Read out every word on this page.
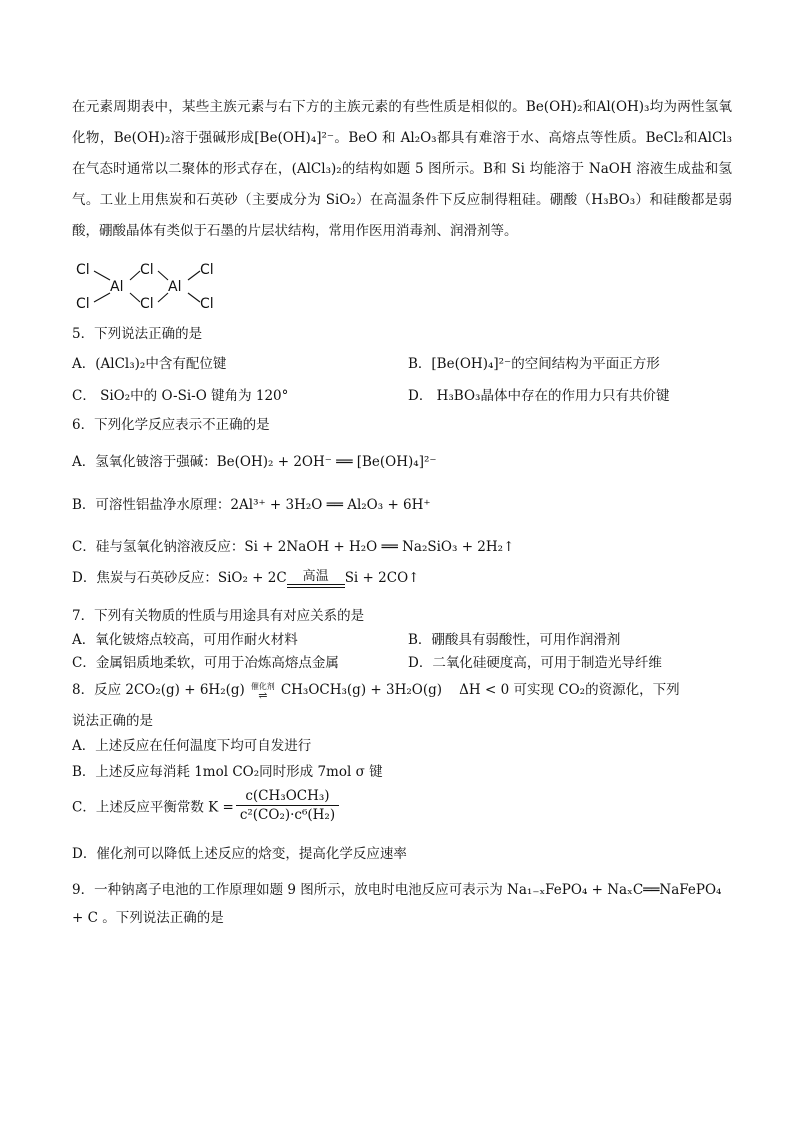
在元素周期表中，某些主族元素与右下方的主族元素的有些性质是相似的。Be(OH)₂和Al(OH)₃均为两性氢氧化物，Be(OH)₂溶于强碱形成[Be(OH)₄]²⁻。BeO 和 Al₂O₃都具有难溶于水、高熔点等性质。BeCl₂和AlCl₃在气态时通常以二聚体的形式存在，(AlCl₃)₂的结构如题 5 图所示。B和 Si 均能溶于 NaOH 溶液生成盐和氢气。工业上用焦炭和石英砂（主要成分为 SiO₂）在高温条件下反应制得粗硅。硼酸（H₃BO₃）和硅酸都是弱酸，硼酸晶体有类似于石墨的片层状结构，常用作医用消毒剂、润滑剂等。
Cl
Cl
Al
Cl
Cl
Al
Cl
Cl
5．下列说法正确的是
A．(AlCl₃)₂中含有配位键	B．[Be(OH)₄]²⁻的空间结构为平面正方形
C． SiO₂中的 O-Si-O 键角为 120°	D． H₃BO₃晶体中存在的作用力只有共价键
6．下列化学反应表示不正确的是
A．氢氧化铍溶于强碱：Be(OH)₂ + 2OH⁻ ══ [Be(OH)₄]²⁻
B．可溶性铝盐净水原理：2Al³⁺ + 3H₂O ══ Al₂O₃ + 6H⁺
C．硅与氢氧化钠溶液反应：Si + 2NaOH + H₂O ══ Na₂SiO₃ + 2H₂↑
D．焦炭与石英砂反应：SiO₂ + 2C	高温	Si + 2CO↑
7．下列有关物质的性质与用途具有对应关系的是
A．氧化铍熔点较高，可用作耐火材料	B．硼酸具有弱酸性，可用作润滑剂
C．金属铝质地柔软，可用于冶炼高熔点金属	D．二氧化硅硬度高，可用于制造光导纤维
8．反应 2CO₂(g) + 6H₂(g) 催化剂
⇌ CH₃OCH₃(g) + 3H₂O(g) ΔH < 0 可实现 CO₂的资源化，下列
说法正确的是
A．上述反应在任何温度下均可自发进行
B．上述反应每消耗 1mol CO₂同时形成 7mol σ 键
C．上述反应平衡常数 $K = \frac{\text{c(CH₃OCH₃)}}{\text{c²(CO₂)·c⁶(H₂)}}$
D．催化剂可以降低上述反应的焓变，提高化学反应速率
9．一种钠离子电池的工作原理如题 9 图所示，放电时电池反应可表示为 Na₁₋ₓFePO₄ + NaₓC══NaFePO₄
+ C 。下列说法正确的是
